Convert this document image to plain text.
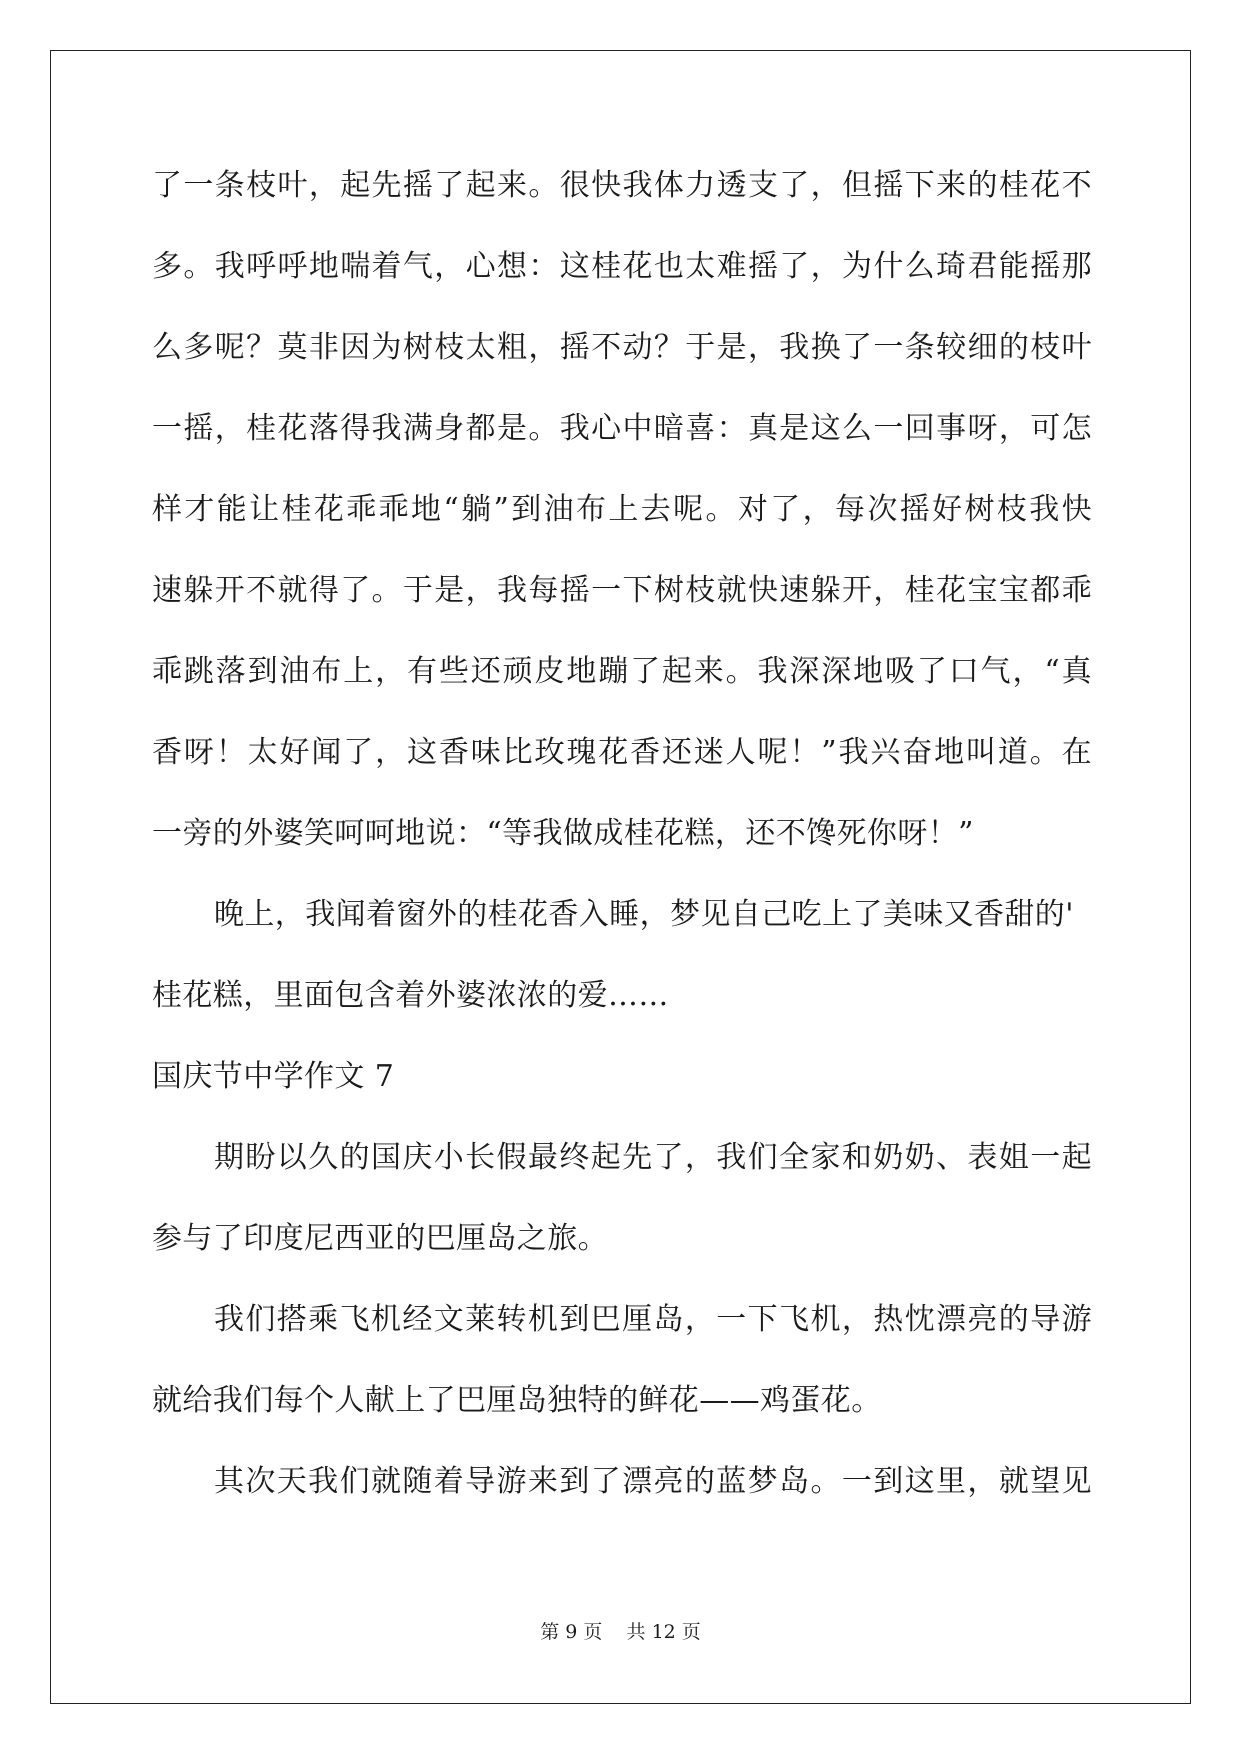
了一条枝叶，起先摇了起来。很快我体力透支了，但摇下来的桂花不
多。我呼呼地喘着气，心想：这桂花也太难摇了，为什么琦君能摇那
么多呢？莫非因为树枝太粗，摇不动？于是，我换了一条较细的枝叶
一摇，桂花落得我满身都是。我心中暗喜：真是这么一回事呀，可怎
样才能让桂花乖乖地“躺”到油布上去呢。对了，每次摇好树枝我快
速躲开不就得了。于是，我每摇一下树枝就快速躲开，桂花宝宝都乖
乖跳落到油布上，有些还顽皮地蹦了起来。我深深地吸了口气，“真
香呀！太好闻了，这香味比玫瑰花香还迷人呢！”我兴奋地叫道。在
一旁的外婆笑呵呵地说：“等我做成桂花糕，还不馋死你呀！”
晚上，我闻着窗外的桂花香入睡，梦见自己吃上了美味又香甜的'
桂花糕，里面包含着外婆浓浓的爱……
国庆节中学作文 7
期盼以久的国庆小长假最终起先了，我们全家和奶奶、表姐一起
参与了印度尼西亚的巴厘岛之旅。
我们搭乘飞机经文莱转机到巴厘岛，一下飞机，热忱漂亮的导游
就给我们每个人献上了巴厘岛独特的鲜花——鸡蛋花。
其次天我们就随着导游来到了漂亮的蓝梦岛。一到这里，就望见
第 9 页 共 12 页
